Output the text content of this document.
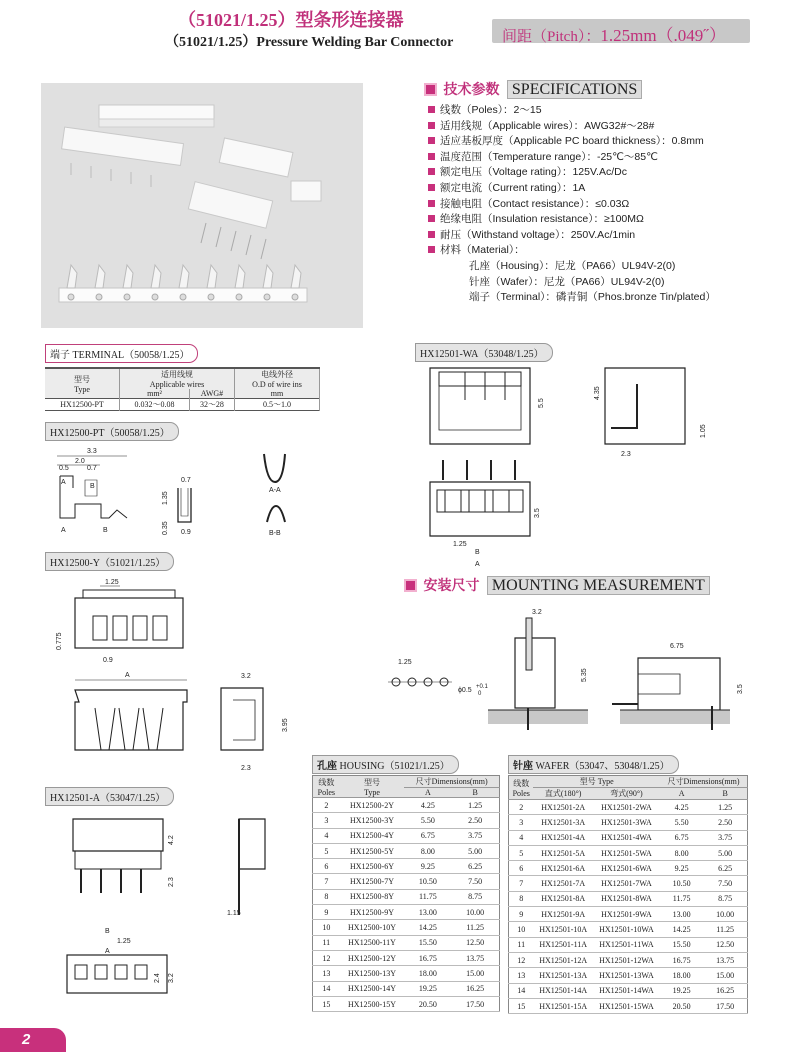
（51021/1.25）型条形连接器
（51021/1.25）Pressure Welding Bar Connector	间距（Pitch）：1.25mm（.049˝）
技术参数 SPECIFICATIONS
线数（Poles）：2～15
适用线规（Applicable wires）：AWG32#～28#
适应基板厚度（Applicable PC board thickness）：0.8mm
温度范围（Temperature range）：-25℃～85℃
额定电压（Voltage rating）：125V.Ac/Dc
额定电流（Current rating）：1A
接触电阻（Contact resistance）：≤0.03Ω
绝缘电阻（Insulation resistance）：≥100MΩ
耐压（Withstand voltage）：250V.Ac/1min
材料（Material）：
孔座（Housing）：尼龙（PA66）UL94V-2(0)
针座（Wafer）：尼龙（PA66）UL94V-2(0)
端子（Terminal）：磷青铜（Phos.bronze Tin/plated）
端子 TERMINAL（50058/1.25）
型号
Type	适用线规
Applicable wires		电线外径
O.D of wire ins
	mm²	AWG#	mm
HX12500-PT	0.032～0.08	32～28	0.5～1.0
HX12500-PT（50058/1.25）
3.3
2.0
0.5	0.7
A
B
A	B
0.7
1.35
0.35 0.9
A-A
B-B
HX12500-Y（51021/1.25）
1.25
0.775
0.9
A	3.2
3.95
2.3
HX12501-A（53047/1.25）
4.2
2.3
1.15
B
1.25
A
2.4 3.2
HX12501-WA（53048/1.25）
5.5
4.35
1.05
2.3
3.5
1.25
B
A
安装尺寸 MOUNTING MEASUREMENT
3.2
5.35
1.25
ϕ0.5 +0.1
0
6.75
3.5
孔座 HOUSING（51021/1.25）
线数
Poles	型号
Type	尺寸Dimensions(mm)	
		A	B
2	HX12500-2Y	4.25	1.25
3	HX12500-3Y	5.50	2.50
4	HX12500-4Y	6.75	3.75
5	HX12500-5Y	8.00	5.00
6	HX12500-6Y	9.25	6.25
7	HX12500-7Y	10.50	7.50
8	HX12500-8Y	11.75	8.75
9	HX12500-9Y	13.00	10.00
10	HX12500-10Y	14.25	11.25
11	HX12500-11Y	15.50	12.50
12	HX12500-12Y	16.75	13.75
13	HX12500-13Y	18.00	15.00
14	HX12500-14Y	19.25	16.25
15	HX12500-15Y	20.50	17.50
针座 WAFER（53047、53048/1.25）
线数
Poles	型号 Type		尺寸Dimensions(mm)	
	直式(180°)	弯式(90°)	A	B
2	HX12501-2A	HX12501-2WA	4.25	1.25
3	HX12501-3A	HX12501-3WA	5.50	2.50
4	HX12501-4A	HX12501-4WA	6.75	3.75
5	HX12501-5A	HX12501-5WA	8.00	5.00
6	HX12501-6A	HX12501-6WA	9.25	6.25
7	HX12501-7A	HX12501-7WA	10.50	7.50
8	HX12501-8A	HX12501-8WA	11.75	8.75
9	HX12501-9A	HX12501-9WA	13.00	10.00
10	HX12501-10A	HX12501-10WA	14.25	11.25
11	HX12501-11A	HX12501-11WA	15.50	12.50
12	HX12501-12A	HX12501-12WA	16.75	13.75
13	HX12501-13A	HX12501-13WA	18.00	15.00
14	HX12501-14A	HX12501-14WA	19.25	16.25
15	HX12501-15A	HX12501-15WA	20.50	17.50
2
